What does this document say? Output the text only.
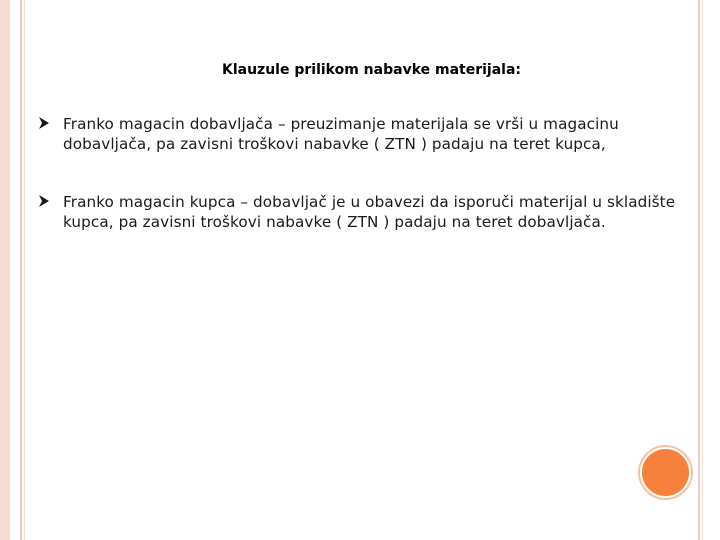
Klauzule prilikom nabavke materijala:
Franko magacin dobavljača – preuzimanje materijala se vrši u magacinu
dobavljača, pa zavisni troškovi nabavke ( ZTN ) padaju na teret kupca,
Franko magacin kupca – dobavljač je u obavezi da isporuči materijal u skladište
kupca, pa zavisni troškovi nabavke ( ZTN ) padaju na teret dobavljača.
